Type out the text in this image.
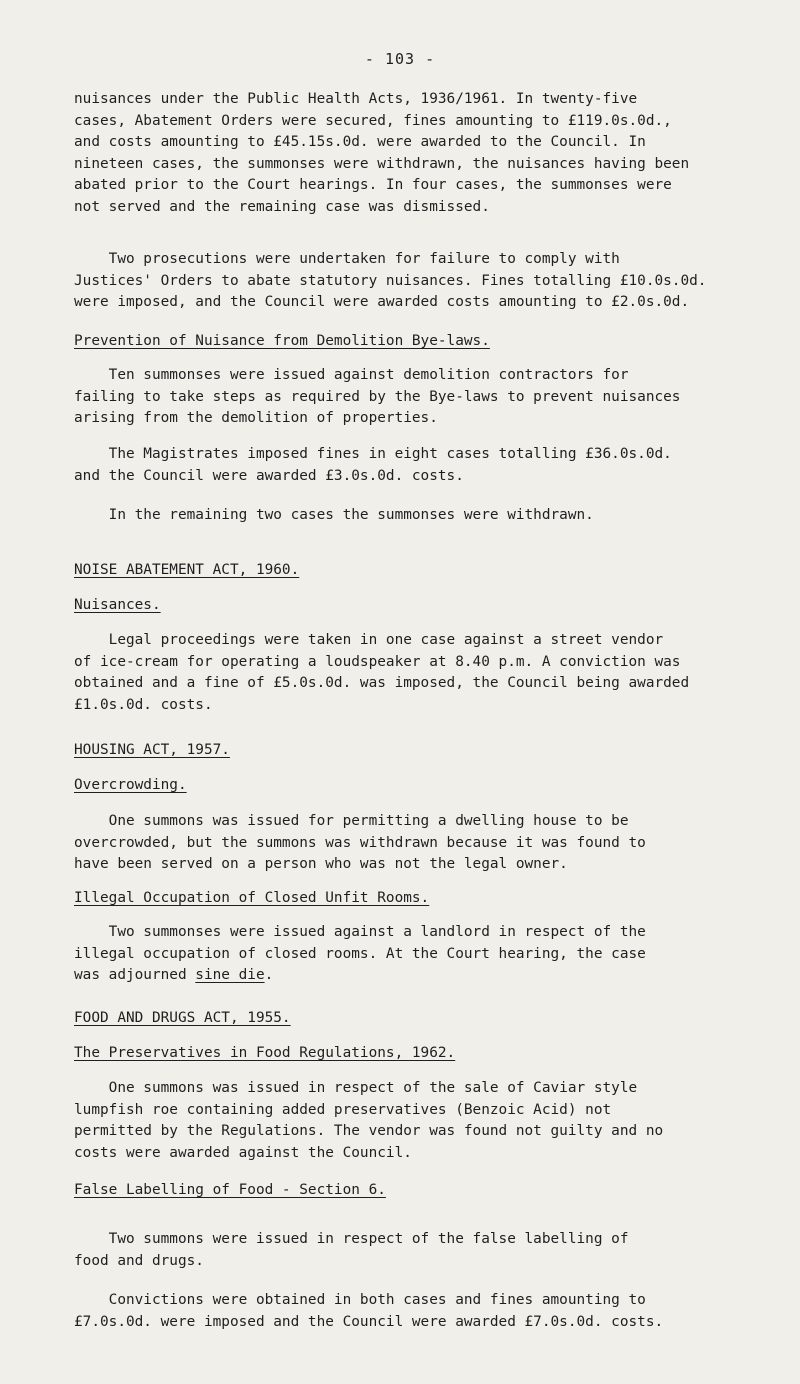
- 103 -
nuisances under the Public Health Acts, 1936/1961. In twenty-five
cases, Abatement Orders were secured, fines amounting to £119.0s.0d.,
and costs amounting to £45.15s.0d. were awarded to the Council. In
nineteen cases, the summonses were withdrawn, the nuisances having been
abated prior to the Court hearings. In four cases, the summonses were
not served and the remaining case was dismissed.
Two prosecutions were undertaken for failure to comply with
Justices' Orders to abate statutory nuisances. Fines totalling £10.0s.0d.
were imposed, and the Council were awarded costs amounting to £2.0s.0d.
Prevention of Nuisance from Demolition Bye-laws.
Ten summonses were issued against demolition contractors for
failing to take steps as required by the Bye-laws to prevent nuisances
arising from the demolition of properties.
The Magistrates imposed fines in eight cases totalling £36.0s.0d.
and the Council were awarded £3.0s.0d. costs.
In the remaining two cases the summonses were withdrawn.
NOISE ABATEMENT ACT, 1960.
Nuisances.
Legal proceedings were taken in one case against a street vendor
of ice-cream for operating a loudspeaker at 8.40 p.m. A conviction was
obtained and a fine of £5.0s.0d. was imposed, the Council being awarded
£1.0s.0d. costs.
HOUSING ACT, 1957.
Overcrowding.
One summons was issued for permitting a dwelling house to be
overcrowded, but the summons was withdrawn because it was found to
have been served on a person who was not the legal owner.
Illegal Occupation of Closed Unfit Rooms.
Two summonses were issued against a landlord in respect of the
illegal occupation of closed rooms. At the Court hearing, the case
was adjourned sine die.
FOOD AND DRUGS ACT, 1955.
The Preservatives in Food Regulations, 1962.
One summons was issued in respect of the sale of Caviar style
lumpfish roe containing added preservatives (Benzoic Acid) not
permitted by the Regulations. The vendor was found not guilty and no
costs were awarded against the Council.
False Labelling of Food - Section 6.
Two summons were issued in respect of the false labelling of
food and drugs.
Convictions were obtained in both cases and fines amounting to
£7.0s.0d. were imposed and the Council were awarded £7.0s.0d. costs.
